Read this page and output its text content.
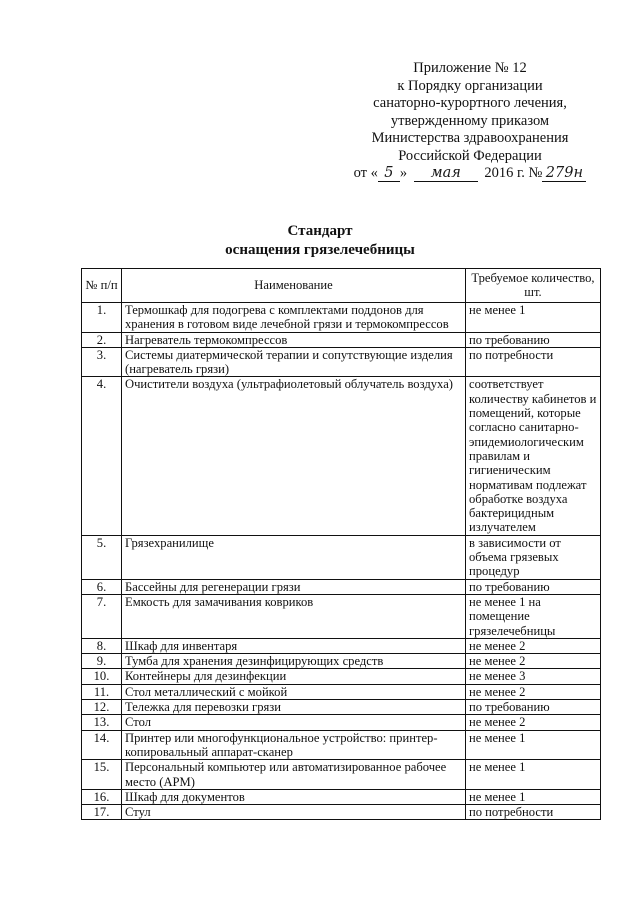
Приложение № 12
к Порядку организации
санаторно-курортного лечения,
утвержденному приказом
Министерства здравоохранения
Российской Федерации
от « 5 » мая 2016 г. № 279н
Стандарт
оснащения грязелечебницы
№ п/п	Наименование	Требуемое количество, шт.
1.	Термошкаф для подогрева с комплектами поддонов для хранения в готовом виде лечебной грязи и термокомпрессов	не менее 1
2.	Нагреватель термокомпрессов	по требованию
3.	Системы диатермической терапии и сопутствующие изделия (нагреватель грязи)	по потребности
4.	Очистители воздуха (ультрафиолетовый облучатель воздуха)	соответствует количеству кабинетов и помещений, которые согласно санитарно-эпидемиологическим правилам и гигиеническим нормативам подлежат обработке воздуха бактерицидным излучателем
5.	Грязехранилище	в зависимости от объема грязевых процедур
6.	Бассейны для регенерации грязи	по требованию
7.	Емкость для замачивания ковриков	не менее 1 на помещение грязелечебницы
8.	Шкаф для инвентаря	не менее 2
9.	Тумба для хранения дезинфицирующих средств	не менее 2
10.	Контейнеры для дезинфекции	не менее 3
11.	Стол металлический с мойкой	не менее 2
12.	Тележка для перевозки грязи	по требованию
13.	Стол	не менее 2
14.	Принтер или многофункциональное устройство: принтер-копировальный аппарат-сканер	не менее 1
15.	Персональный компьютер или автоматизированное рабочее место (АРМ)	не менее 1
16.	Шкаф для документов	не менее 1
17.	Стул	по потребности
